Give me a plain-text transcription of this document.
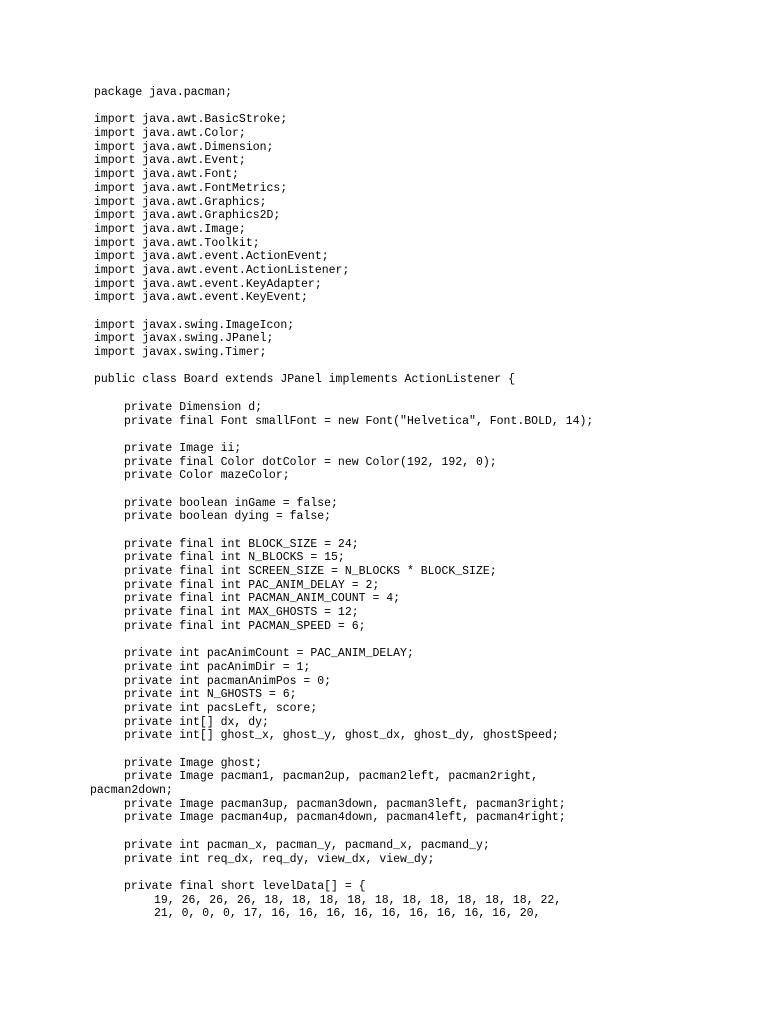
package java.pacman;
import java.awt.BasicStroke;
import java.awt.Color;
import java.awt.Dimension;
import java.awt.Event;
import java.awt.Font;
import java.awt.FontMetrics;
import java.awt.Graphics;
import java.awt.Graphics2D;
import java.awt.Image;
import java.awt.Toolkit;
import java.awt.event.ActionEvent;
import java.awt.event.ActionListener;
import java.awt.event.KeyAdapter;
import java.awt.event.KeyEvent;
import javax.swing.ImageIcon;
import javax.swing.JPanel;
import javax.swing.Timer;
public class Board extends JPanel implements ActionListener {
private Dimension d;
private final Font smallFont = new Font("Helvetica", Font.BOLD, 14);
private Image ii;
private final Color dotColor = new Color(192, 192, 0);
private Color mazeColor;
private boolean inGame = false;
private boolean dying = false;
private final int BLOCK_SIZE = 24;
private final int N_BLOCKS = 15;
private final int SCREEN_SIZE = N_BLOCKS * BLOCK_SIZE;
private final int PAC_ANIM_DELAY = 2;
private final int PACMAN_ANIM_COUNT = 4;
private final int MAX_GHOSTS = 12;
private final int PACMAN_SPEED = 6;
private int pacAnimCount = PAC_ANIM_DELAY;
private int pacAnimDir = 1;
private int pacmanAnimPos = 0;
private int N_GHOSTS = 6;
private int pacsLeft, score;
private int[] dx, dy;
private int[] ghost_x, ghost_y, ghost_dx, ghost_dy, ghostSpeed;
private Image ghost;
private Image pacman1, pacman2up, pacman2left, pacman2right,
pacman2down;
private Image pacman3up, pacman3down, pacman3left, pacman3right;
private Image pacman4up, pacman4down, pacman4left, pacman4right;
private int pacman_x, pacman_y, pacmand_x, pacmand_y;
private int req_dx, req_dy, view_dx, view_dy;
private final short levelData[] = {
19, 26, 26, 26, 18, 18, 18, 18, 18, 18, 18, 18, 18, 18, 22,
21, 0, 0, 0, 17, 16, 16, 16, 16, 16, 16, 16, 16, 16, 20,
